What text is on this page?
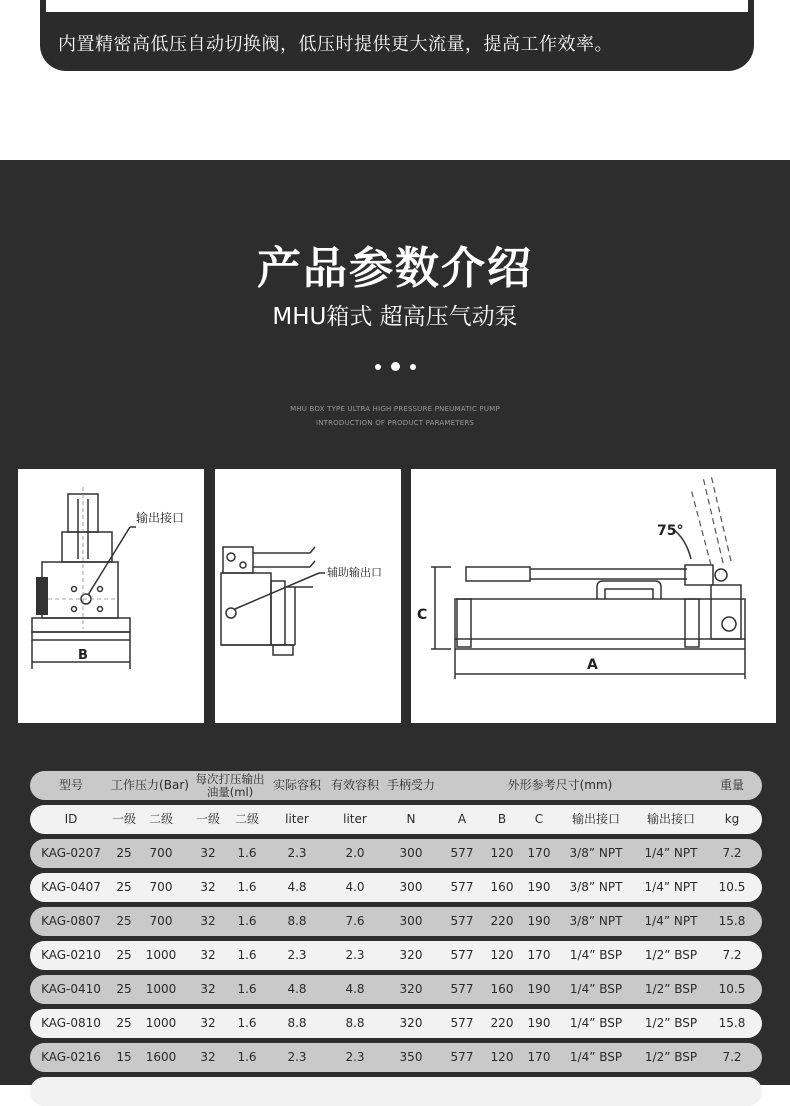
内置精密高低压自动切换阀，低压时提供更大流量，提高工作效率。
产品参数介绍
MHU箱式 超高压气动泵
MHU BOX TYPE ULTRA HIGH PRESSURE PNEUMATIC PUMP
INTRODUCTION OF PRODUCT PARAMETERS
输出接口
B
辅助输出口
75°
A
C
型号	工作压力(Bar) 每次打压输出油量(ml)	实际容积 有效容积 手柄受力	外形参考尺寸(mm)	重量
ID	一级	二级	一级	二级	liter	liter	N	A	B	C	输出接口	输出接口	kg
KAG-0207	25	700	32	1.6	2.3	2.0	300	577	120	170	3/8” NPT	1/4” NPT	7.2
KAG-0407	25	700	32	1.6	4.8	4.0	300	577	160	190	3/8” NPT	1/4” NPT	10.5
KAG-0807	25	700	32	1.6	8.8	7.6	300	577	220	190	3/8” NPT	1/4” NPT	15.8
KAG-0210	25	1000	32	1.6	2.3	2.3	320	577	120	170	1/4” BSP	1/2” BSP	7.2
KAG-0410	25	1000	32	1.6	4.8	4.8	320	577	160	190	1/4” BSP	1/2” BSP	10.5
KAG-0810	25	1000	32	1.6	8.8	8.8	320	577	220	190	1/4” BSP	1/2” BSP	15.8
KAG-0216	15	1600	32	1.6	2.3	2.3	350	577	120	170	1/4” BSP	1/2” BSP	7.2
